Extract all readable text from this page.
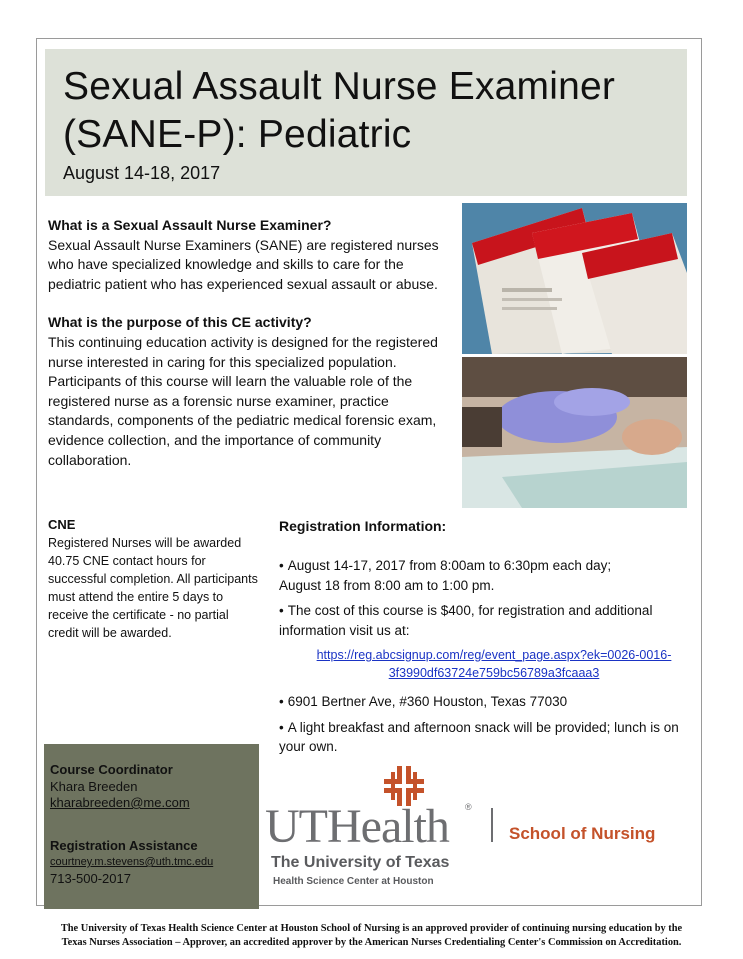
Sexual Assault Nurse Examiner
(SANE-P): Pediatric
August 14-18, 2017
What is a Sexual Assault Nurse Examiner?

Sexual Assault Nurse Examiners (SANE) are registered nurses who have specialized knowledge and skills to care for the pediatric patient who has experienced sexual assault or abuse.

What is the purpose of this CE activity?

This continuing education activity is designed for the registered nurse interested in caring for this specialized population. Participants of this course will learn the valuable role of the registered nurse as a forensic nurse examiner, practice standards, components of the pediatric medical forensic exam, evidence collection, and the importance of community collaboration.

CNE

Registered Nurses will be awarded 40.75 CNE contact hours for successful completion. All participants must attend the entire 5 days to receive the certificate - no partial credit will be awarded.

Registration Information:
• August 14-17, 2017 from 8:00am to 6:30pm each day;
August 18 from 8:00 am to 1:00 pm.
• The cost of this course is $400, for registration and additional information visit us at:
https://reg.abcsignup.com/reg/event_page.aspx?ek=0026-0016-3f3990df63724e759bc56789a3fcaaa3
• 6901 Bertner Ave, #360 Houston, Texas 77030
• A light breakfast and afternoon snack will be provided; lunch is on your own.
Course Coordinator
Khara Breeden
kharabreeden@me.com
Registration Assistance
courtney.m.stevens@uth.tmc.edu
713-500-2017
UTHealth ®
School of Nursing
The University of Texas
Health Science Center at Houston
The University of Texas Health Science Center at Houston School of Nursing is an approved provider of continuing nursing education by the
Texas Nurses Association – Approver, an accredited approver by the American Nurses Credentialing Center's Commission on Accreditation.
